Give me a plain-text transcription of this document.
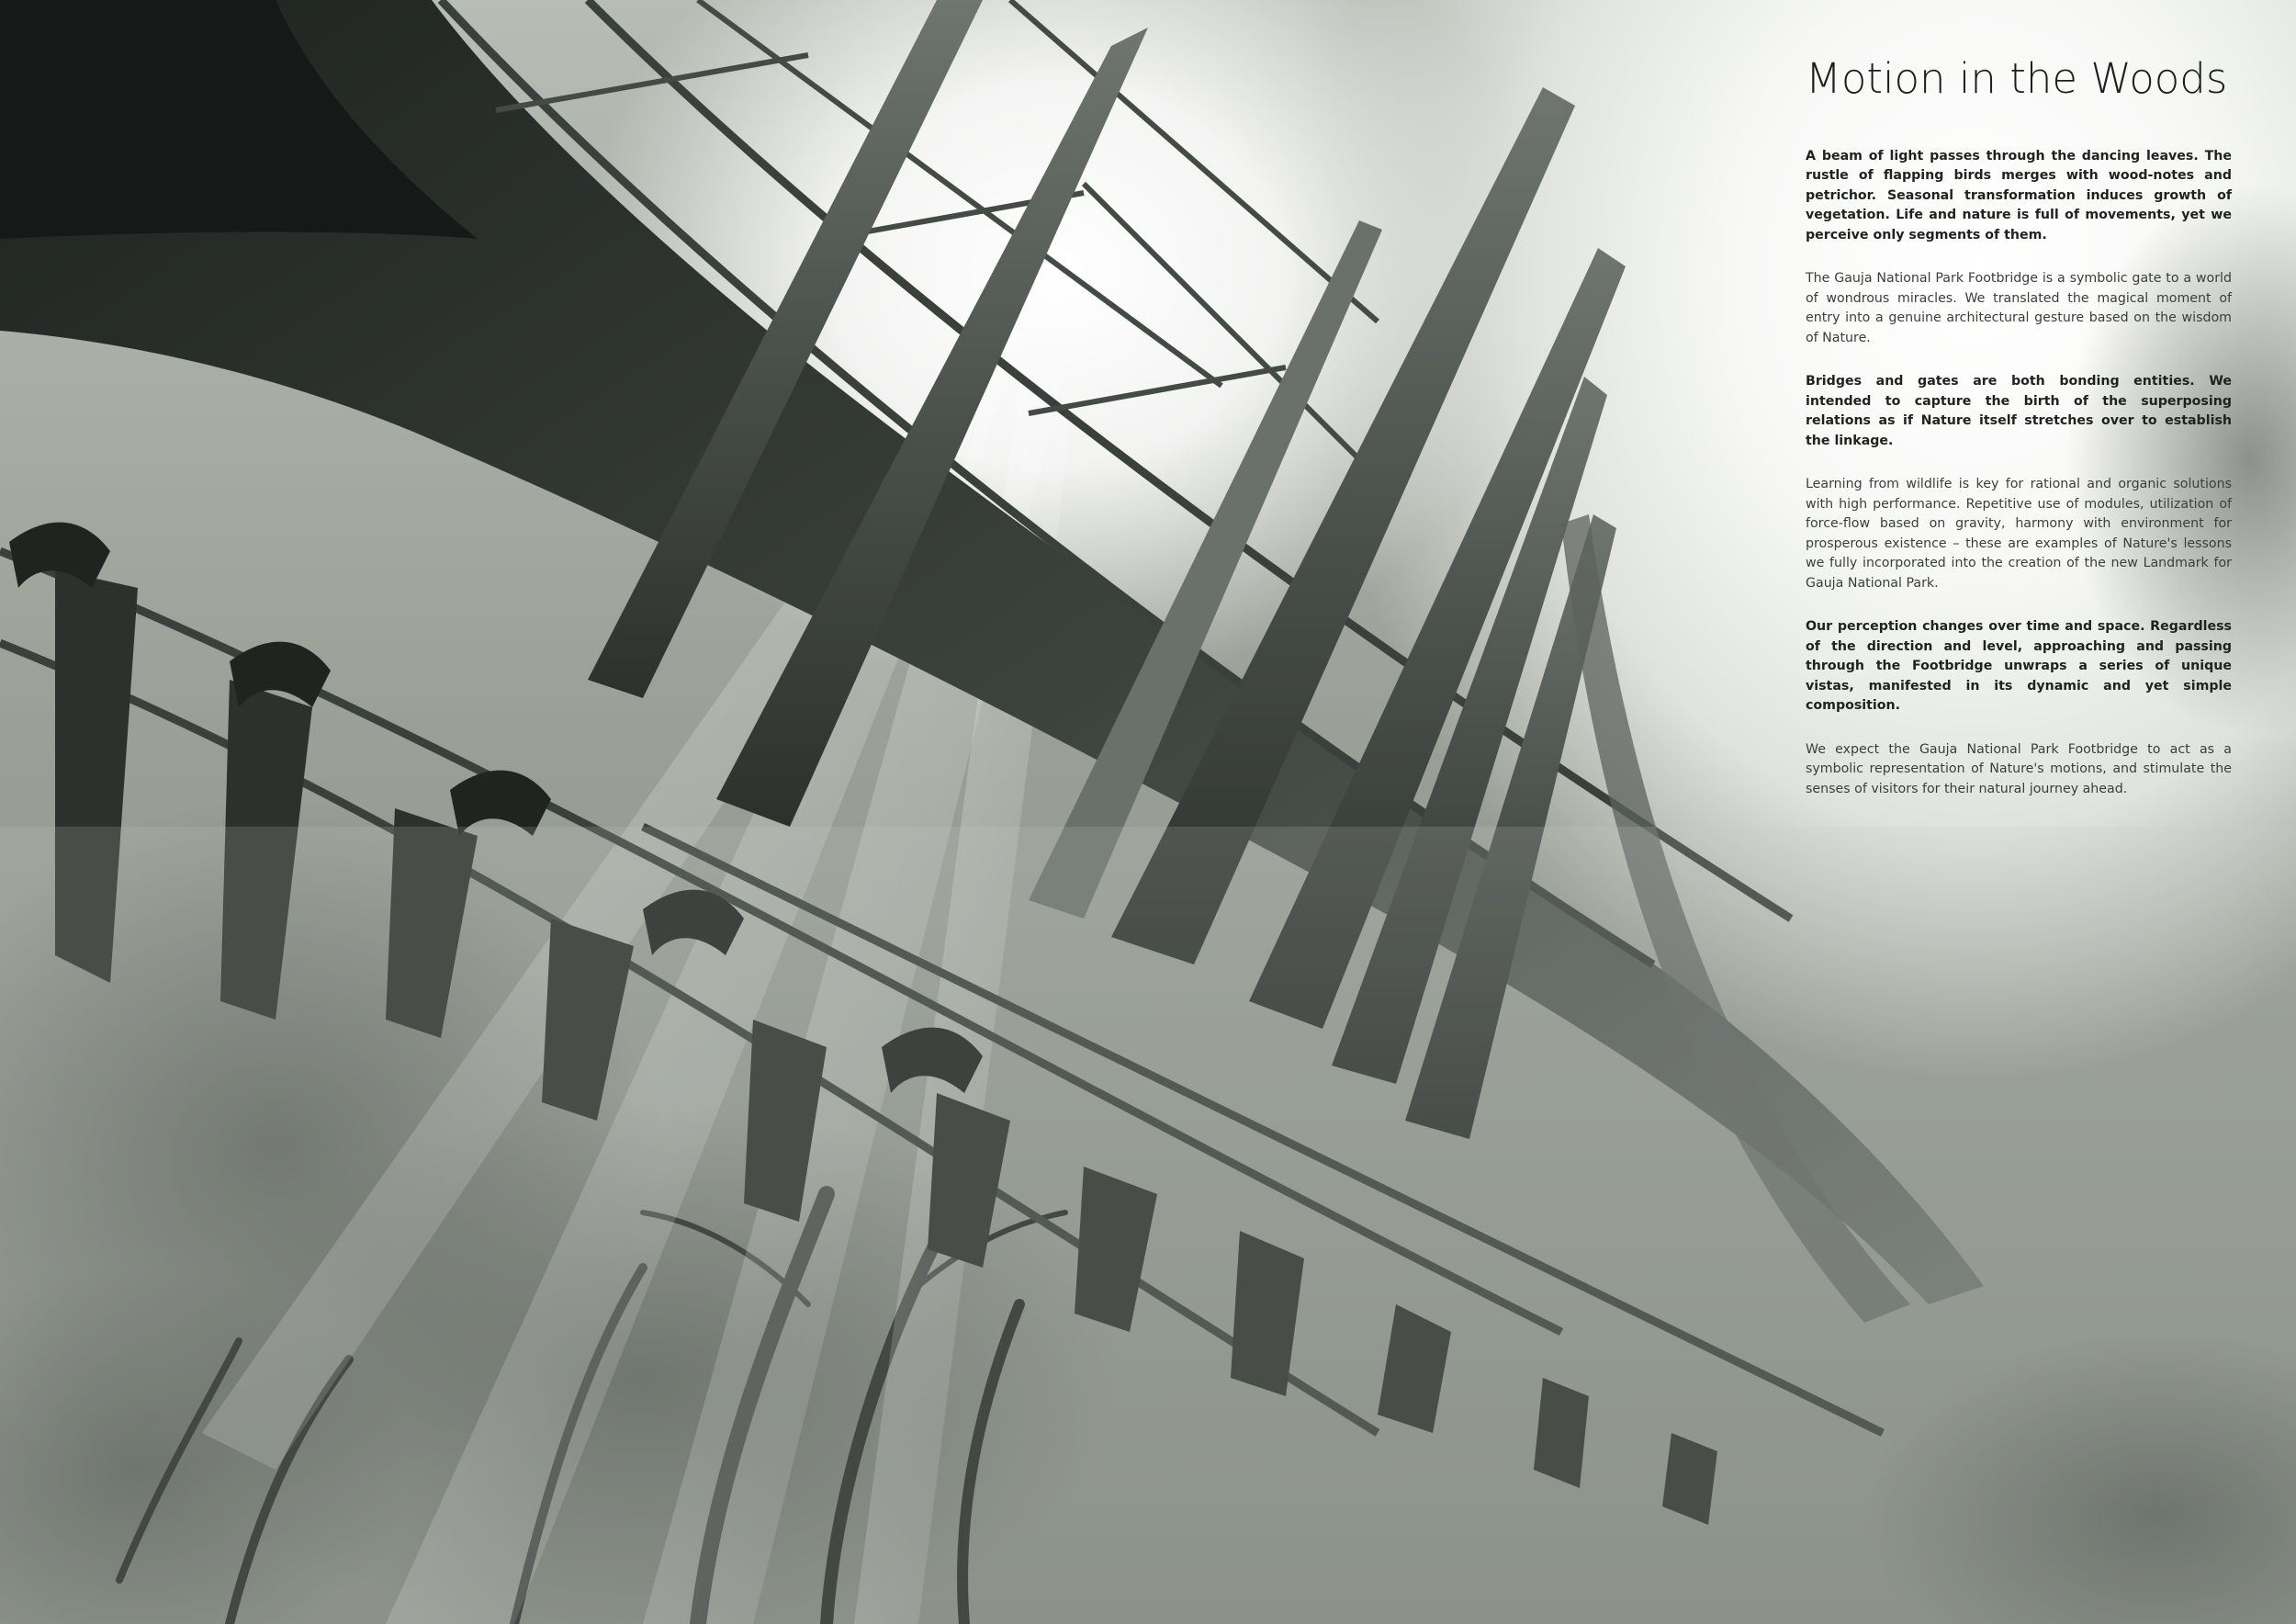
Motion in the Woods

A beam of light passes through the dancing leaves. The rustle of flapping birds merges with wood-notes and petrichor. Seasonal transformation induces growth of vegetation. Life and nature is full of movements, yet we perceive only segments of them.

The Gauja National Park Footbridge is a symbolic gate to a world of wondrous miracles. We translated the magical moment of entry into a genuine architectural gesture based on the wisdom of Nature.

Bridges and gates are both bonding entities. We intended to capture the birth of the superposing relations as if Nature itself stretches over to establish the linkage.

Learning from wildlife is key for rational and organic solutions with high performance. Repetitive use of modules, utilization of force-flow based on gravity, harmony with environment for prosperous existence – these are examples of Nature's lessons we fully incorporated into the creation of the new Landmark for Gauja National Park.

Our perception changes over time and space. Regardless of the direction and level, approaching and passing through the Footbridge unwraps a series of unique vistas, manifested in its dynamic and yet simple composition.

We expect the Gauja National Park Footbridge to act as a symbolic representation of Nature's motions, and stimulate the senses of visitors for their natural journey ahead.
